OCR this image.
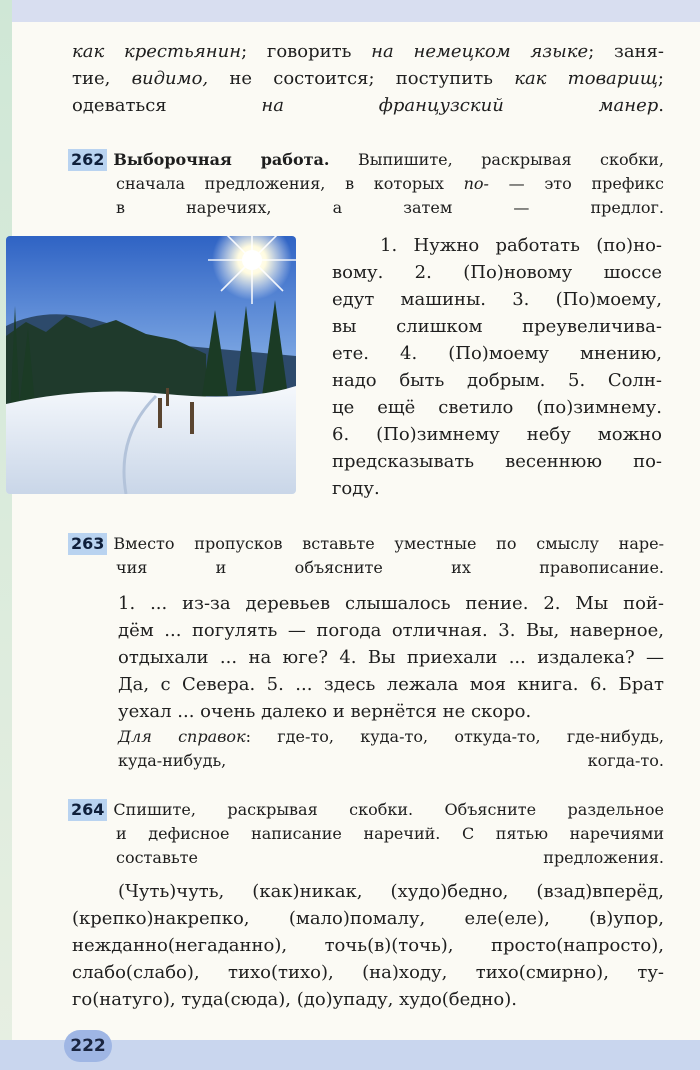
как крестьянин; говорить на немецком языке; заня-
тие, видимо, не состоится; поступить как товарищ;
одеваться на французский манер.
262 Выборочная работа. Выпишите, раскрывая скобки,
сначала предложения, в которых по- — это префикс
в наречиях, а затем — предлог.
1. Нужно работать (по)но-
вому. 2. (По)новому шоссе
едут машины. 3. (По)моему,
вы слишком преувеличива-
ете. 4. (По)моему мнению,
надо быть добрым. 5. Солн-
це ещё светило (по)зимнему.
6. (По)зимнему небу можно
предсказывать весеннюю по-
году.
263 Вместо пропусков вставьте уместные по смыслу наре-
чия и объясните их правописание.
1. ... из-за деревьев слышалось пение. 2. Мы пой-
дём ... погулять — погода отличная. 3. Вы, наверное,
отдыхали ... на юге? 4. Вы приехали ... издалека? —
Да, с Севера. 5. ... здесь лежала моя книга. 6. Брат
уехал ... очень далеко и вернётся не скоро.
Для справок: где-то, куда-то, откуда-то, где-нибудь,
куда-нибудь, когда-то.
264 Спишите, раскрывая скобки. Объясните раздельное
и дефисное написание наречий. С пятью наречиями
составьте предложения.
(Чуть)чуть, (как)никак, (худо)бедно, (взад)вперёд,
(крепко)накрепко, (мало)помалу, еле(еле), (в)упор,
нежданно(негаданно), точь(в)(точь), просто(напросто),
слабо(слабо), тихо(тихо), (на)ходу, тихо(смирно), ту-
го(натугo), туда(сюда), (до)упаду, худо(бедно).
222
